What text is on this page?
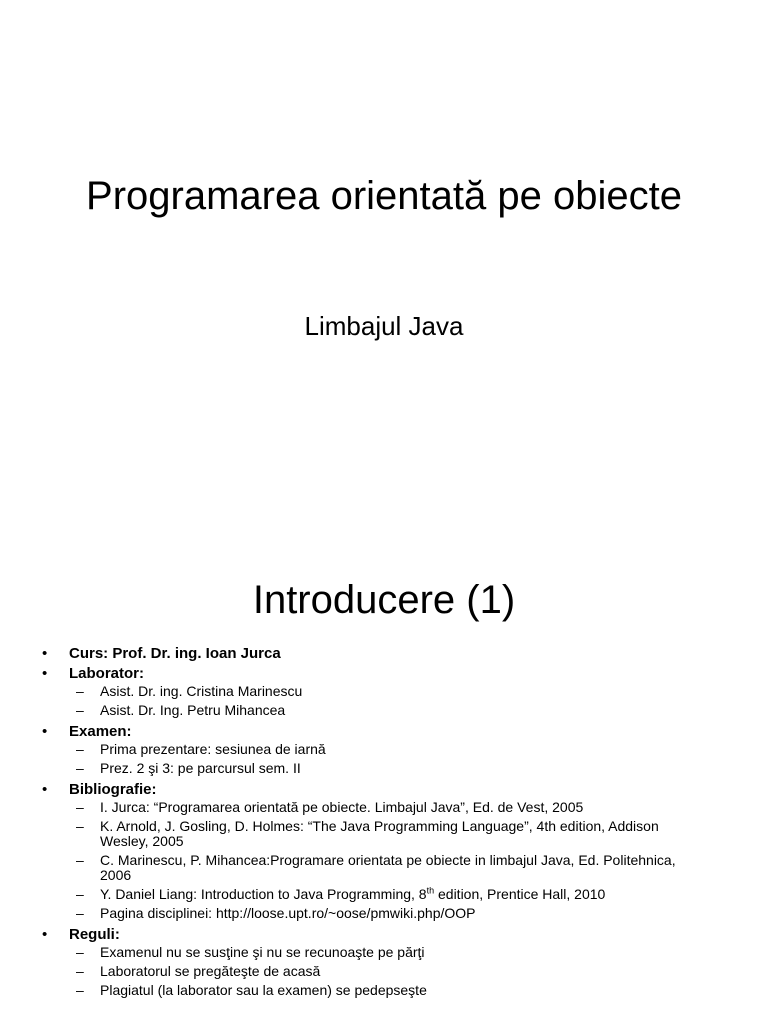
Programarea orientată pe obiecte
Limbajul Java
Introducere (1)
• Curs: Prof. Dr. ing. Ioan Jurca
• Laborator:
– Asist. Dr. ing. Cristina Marinescu
– Asist. Dr. Ing. Petru Mihancea
• Examen:
– Prima prezentare: sesiunea de iarnă
– Prez. 2 şi 3: pe parcursul sem. II
• Bibliografie:
– I. Jurca: “Programarea orientată pe obiecte. Limbajul Java”, Ed. de Vest, 2005
– K. Arnold, J. Gosling, D. Holmes: “The Java Programming Language”, 4th edition, Addison Wesley, 2005
– C. Marinescu, P. Mihancea:Programare orientata pe obiecte in limbajul Java, Ed. Politehnica, 2006
– Y. Daniel Liang: Introduction to Java Programming, 8th edition, Prentice Hall, 2010
– Pagina disciplinei: http://loose.upt.ro/~oose/pmwiki.php/OOP
• Reguli:
– Examenul nu se susţine şi nu se recunoaşte pe părţi
– Laboratorul se pregăteşte de acasă
– Plagiatul (la laborator sau la examen) se pedepseşte
